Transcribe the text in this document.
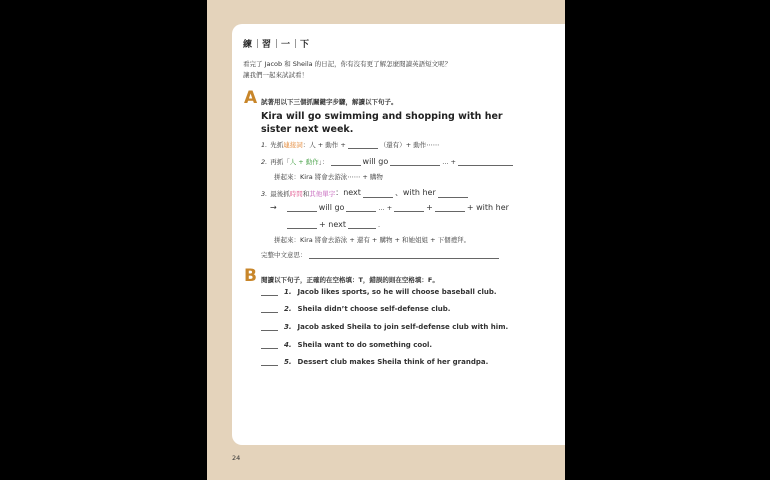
練 習 一 下
看完了 Jacob 和 Sheila 的日記，你有沒有更了解怎麼閱讀英語短文呢？
讓我們一起來試試看！
A 試著用以下三個抓關鍵字步驟，解讀以下句子。
Kira will go swimming and shopping with her sister next week.
1. 先抓 連接詞 ：人 + 動作 +	（還有）+ 動作⋯⋯
2. 再抓「 人 + 動作 」：	will go	... +
拼起來：Kira 將會去游泳⋯⋯ + 購物
3. 最後抓 時間 和 其他單字 ：next	、with her
→	will go	... +	+	+ with her
+ next	.
拼起來：Kira 將會去游泳 + 還有 + 購物 + 和她姐姐 + 下個禮拜。
完整中文意思：
B 閱讀以下句子，正確的在空格填：T，錯誤的則在空格填：F。
1. Jacob likes sports, so he will choose baseball club.
2. Sheila didn’t choose self-defense club.
3. Jacob asked Sheila to join self-defense club with him.
4. Sheila want to do something cool.
5. Dessert club makes Sheila think of her grandpa.
24
